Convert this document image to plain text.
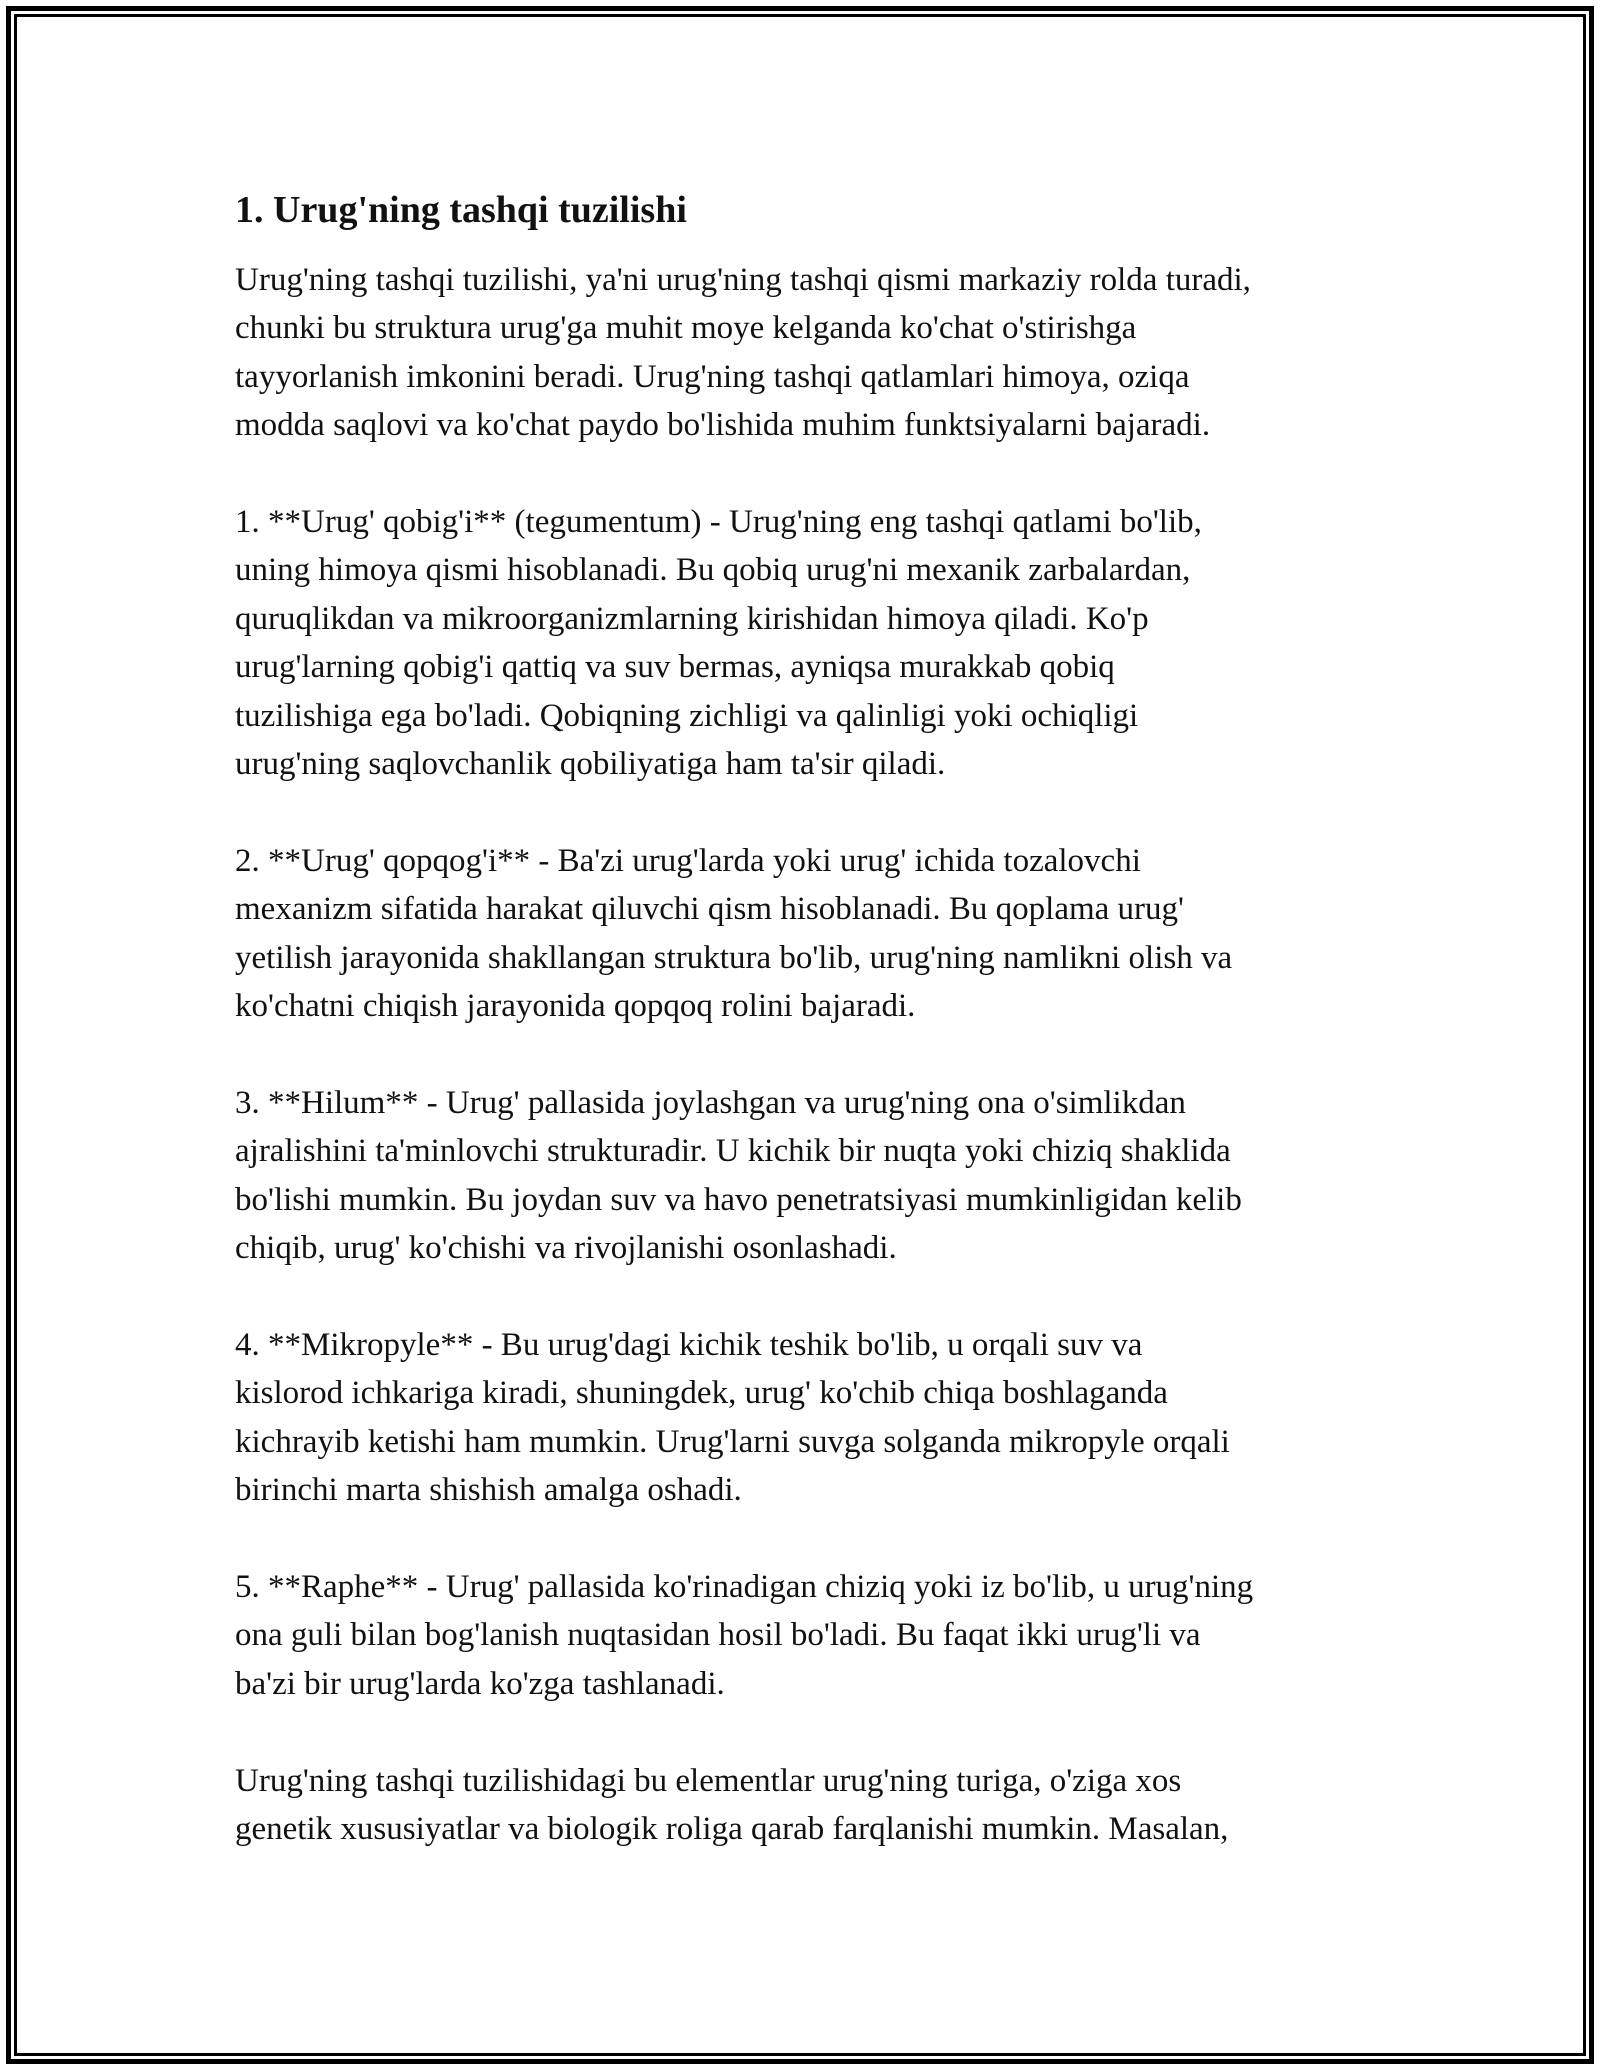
1. Urug'ning tashqi tuzilishi

Urug'ning tashqi tuzilishi, ya'ni urug'ning tashqi qismi markaziy rolda turadi,
chunki bu struktura urug'ga muhit moye kelganda ko'chat o'stirishga
tayyorlanish imkonini beradi. Urug'ning tashqi qatlamlari himoya, oziqa
modda saqlovi va ko'chat paydo bo'lishida muhim funktsiyalarni bajaradi.

1. **Urug' qobig'i** (tegumentum) - Urug'ning eng tashqi qatlami bo'lib,
uning himoya qismi hisoblanadi. Bu qobiq urug'ni mexanik zarbalardan,
quruqlikdan va mikroorganizmlarning kirishidan himoya qiladi. Ko'p
urug'larning qobig'i qattiq va suv bermas, ayniqsa murakkab qobiq
tuzilishiga ega bo'ladi. Qobiqning zichligi va qalinligi yoki ochiqligi
urug'ning saqlovchanlik qobiliyatiga ham ta'sir qiladi.

2. **Urug' qopqog'i** - Ba'zi urug'larda yoki urug' ichida tozalovchi
mexanizm sifatida harakat qiluvchi qism hisoblanadi. Bu qoplama urug'
yetilish jarayonida shakllangan struktura bo'lib, urug'ning namlikni olish va
ko'chatni chiqish jarayonida qopqoq rolini bajaradi.

3. **Hilum** - Urug' pallasida joylashgan va urug'ning ona o'simlikdan
ajralishini ta'minlovchi strukturadir. U kichik bir nuqta yoki chiziq shaklida
bo'lishi mumkin. Bu joydan suv va havo penetratsiyasi mumkinligidan kelib
chiqib, urug' ko'chishi va rivojlanishi osonlashadi.

4. **Mikropyle** - Bu urug'dagi kichik teshik bo'lib, u orqali suv va
kislorod ichkariga kiradi, shuningdek, urug' ko'chib chiqa boshlaganda
kichrayib ketishi ham mumkin. Urug'larni suvga solganda mikropyle orqali
birinchi marta shishish amalga oshadi.

5. **Raphe** - Urug' pallasida ko'rinadigan chiziq yoki iz bo'lib, u urug'ning
ona guli bilan bog'lanish nuqtasidan hosil bo'ladi. Bu faqat ikki urug'li va
ba'zi bir urug'larda ko'zga tashlanadi.

Urug'ning tashqi tuzilishidagi bu elementlar urug'ning turiga, o'ziga xos
genetik xususiyatlar va biologik roliga qarab farqlanishi mumkin. Masalan,
